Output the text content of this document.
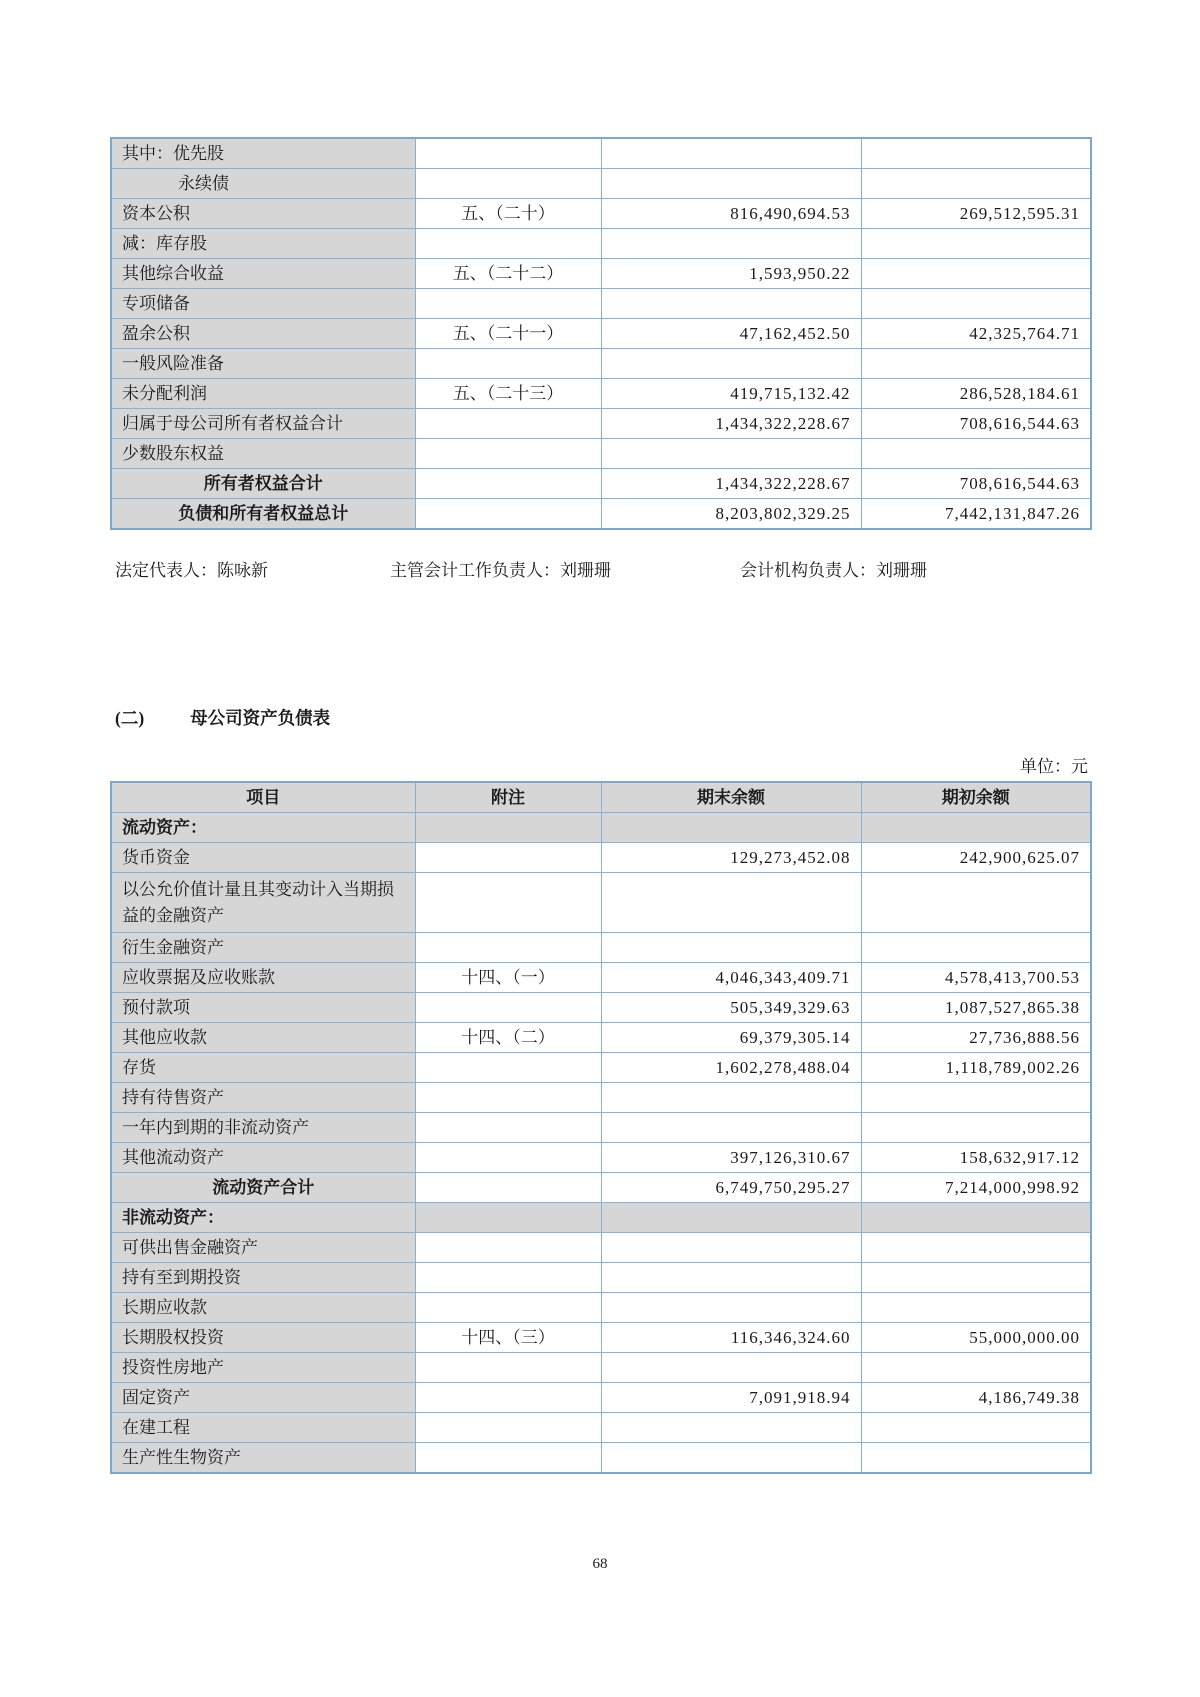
其中：优先股			
永续债			
资本公积	五、（二十）	816,490,694.53	269,512,595.31
减：库存股			
其他综合收益	五、（二十二）	1,593,950.22	
专项储备			
盈余公积	五、（二十一）	47,162,452.50	42,325,764.71
一般风险准备			
未分配利润	五、（二十三）	419,715,132.42	286,528,184.61
归属于母公司所有者权益合计		1,434,322,228.67	708,616,544.63
少数股东权益			
所有者权益合计		1,434,322,228.67	708,616,544.63
负债和所有者权益总计		8,203,802,329.25	7,442,131,847.26
法定代表人：陈咏新	主管会计工作负责人：刘珊珊	会计机构负责人：刘珊珊
(二)	母公司资产负债表
单位：元
项目	附注	期末余额	期初余额
流动资产：			
货币资金		129,273,452.08	242,900,625.07
以公允价值计量且其变动计入当期损益的金融资产			
衍生金融资产			
应收票据及应收账款	十四、（一）	4,046,343,409.71	4,578,413,700.53
预付款项		505,349,329.63	1,087,527,865.38
其他应收款	十四、（二）	69,379,305.14	27,736,888.56
存货		1,602,278,488.04	1,118,789,002.26
持有待售资产			
一年内到期的非流动资产			
其他流动资产		397,126,310.67	158,632,917.12
流动资产合计		6,749,750,295.27	7,214,000,998.92
非流动资产：			
可供出售金融资产			
持有至到期投资			
长期应收款			
长期股权投资	十四、（三）	116,346,324.60	55,000,000.00
投资性房地产			
固定资产		7,091,918.94	4,186,749.38
在建工程			
生产性生物资产			
68
